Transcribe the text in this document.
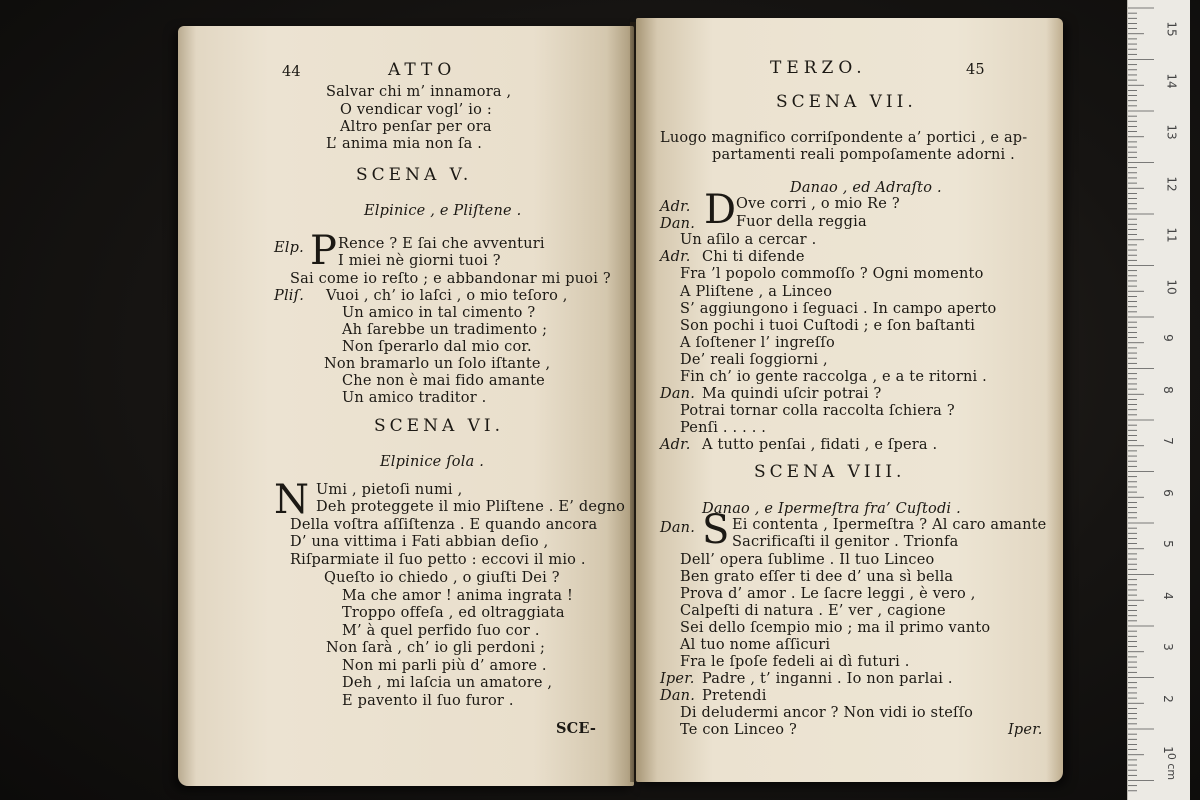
44	ATTO
Salvar chi m’ innamora ,
O vendicar vogl’ io :
Altro penſar per ora
L’ anima mia non ſa .
SCENA V.
Elpinice , e Pliſtene .
Elp. P Rence ? E ſai che avventuri
I miei nè giorni tuoi ?
Sai come io reſto ; e abbandonar mi puoi ?
Pliſ. Vuoi , ch’ io laſci , o mio teſoro ,
Un amico in tal cimento ?
Ah ſarebbe un tradimento ;
Non ſperarlo dal mio cor.
Non bramarlo un ſolo iſtante ,
Che non è mai fido amante
Un amico traditor .
SCENA VI.
Elpinice ſola .
N Umi , pietoſi numi ,
Deh proteggete il mio Pliſtene . E’ degno
Della voſtra aſſiſtenza . E quando ancora
D’ una vittima i Fati abbian deſio ,
Riſparmiate il ſuo petto : eccovi il mio .
Queſto io chiedo , o giuſti Dei ?
Ma che amor ! anima ingrata !
Troppo offeſa , ed oltraggiata
M’ à quel perfido ſuo cor .
Non ſarà , ch’ io gli perdoni ;
Non mi parli più d’ amore .
Deh , mi laſcia un amatore ,
E pavento il ſuo furor .
SCE-
TERZO.	45
SCENA VII.
Luogo magnifico corriſpondente a’ portici , e ap-
partamenti reali pompoſamente adorni .
Danao , ed Adraſto .
Adr. D Ove corri , o mio Re ?
Dan.	Fuor della reggia
Un aſilo a cercar .
Adr. Chi ti difende
Fra ’l popolo commoſſo ? Ogni momento
A Pliſtene , a Linceo
S’ aggiungono i ſeguaci . In campo aperto
Son pochi i tuoi Cuſtodi ; e ſon baſtanti
A ſoſtener l’ ingreſſo
De’ reali ſoggiorni ,
Fin ch’ io gente raccolga , e a te ritorni .
Dan. Ma quindi uſcir potrai ?
Potrai tornar colla raccolta ſchiera ?
Penſi . . . . .
Adr. A tutto penſai , fidati , e ſpera .
SCENA VIII.
Danao , e Ipermeſtra fra’ Cuſtodi .
Dan. S Ei contenta , Ipermeſtra ? Al caro amante
Sacrificaſti il genitor . Trionfa
Dell’ opera ſublime . Il tuo Linceo
Ben grato eſſer ti dee d’ una sì bella
Prova d’ amor . Le ſacre leggi , è vero ,
Calpeſti di natura . E’ ver , cagione
Sei dello ſcempio mio ; ma il primo vanto
Al tuo nome aſſicuri
Fra le ſpoſe fedeli ai dì futuri .
Iper. Padre , t’ inganni . Io non parlai .
Dan. Pretendi
Di deludermi ancor ? Non vidi io steſſo
Te con Linceo ?	Iper.
15
14
13
12
11
10
9
8
7
6
5
4
3
2
1
0 cm
